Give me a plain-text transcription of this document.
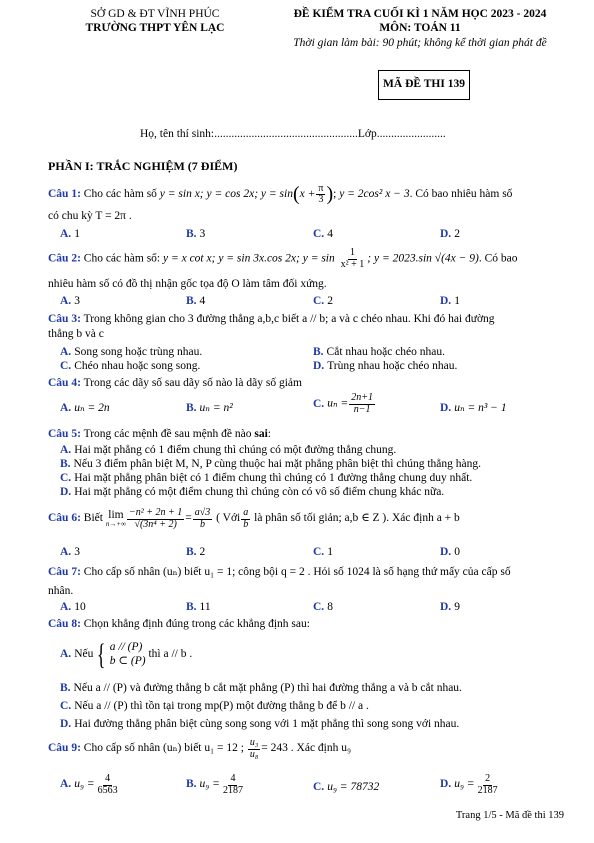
SỞ GD & ĐT VĨNH PHÚC
TRƯỜNG THPT YÊN LẠC
ĐỀ KIỂM TRA CUỐI KÌ 1 NĂM HỌC 2023 - 2024
MÔN: TOÁN 11
Thời gian làm bài: 90 phút; không kể thời gian phát đề
MÃ ĐỀ THI 139
Họ, tên thí sinh:..................................................Lớp........................
PHẦN I: TRẮC NGHIỆM (7 ĐIỂM)
Câu 1: Cho các hàm số y = sin x; y = cos 2x; $y = \sin(x + \frac{\pi}{3}$ ); y = 2cos² x − 3. Có bao nhiêu hàm số
có chu kỳ T = 2π .
A. 1	B. 3	C. 4	D. 2
Câu 2: Cho các hàm số: y = x cot x; y = sin 3x.cos 2x; $y = \sin \frac{1}{\text{x² + 1}}$ ; y = 2023.sin √(4x − 9). Có bao
nhiêu hàm số có đồ thị nhận gốc tọa độ O làm tâm đối xứng.
A. 3	B. 4	C. 2	D. 1
Câu 3: Trong không gian cho 3 đường thẳng a,b,c biết a // b; a và c chéo nhau. Khi đó hai đường
thẳng b và c
A. Song song hoặc trùng nhau.	B. Cắt nhau hoặc chéo nhau.
C. Chéo nhau hoặc song song.	D. Trùng nhau hoặc chéo nhau.
Câu 4: Trong các dãy số sau dãy số nào là dãy số giảm
A. uₙ = 2n	B. uₙ = n²	C. $u_n = \frac{2n+1}{n-1}$	D. uₙ = n³ − 1
Câu 5: Trong các mệnh đề sau mệnh đề nào sai:
A. Hai mặt phẳng có 1 điểm chung thì chúng có một đường thẳng chung.
B. Nếu 3 điểm phân biệt M, N, P cùng thuộc hai mặt phẳng phân biệt thì chúng thẳng hàng.
C. Hai mặt phẳng phân biệt có 1 điểm chung thì chúng có 1 đường thẳng chung duy nhất.
D. Hai mặt phẳng có một điểm chung thì chúng còn có vô số điểm chung khác nữa.
Câu 6:
Biết
lim
$n\to+\infty \frac{\text{−n² + 2n + 1}}{\text{√(3n⁴ + 2)}} = \frac{a√3}{b}$
( Với $\frac{a}{b}$
là phân số tối giản; a,b ∈ Z ). Xác định a + b
A. 3	B. 2	C. 1	D. 0
Câu 7: Cho cấp số nhân (uₙ) biết u₁ = 1; công bội q = 2 . Hỏi số 1024 là số hạng thứ mấy của cấp số
nhân.
A. 10	B. 11	C. 8	D. 9
Câu 8: Chọn khẳng định đúng trong các khẳng định sau:
A. Nếu { a // (P)
b ⊂ (P)

thì a // b .
B. Nếu a // (P) và đường thẳng b cắt mặt phẳng (P) thì hai đường thẳng a và b cắt nhau.
C. Nếu a // (P) thì tồn tại trong mp(P) một đường thẳng b để b // a .
D. Hai đường thẳng phân biệt cùng song song với 1 mặt phẳng thì song song với nhau.
Câu 9:
Cho cấp số nhân (uₙ) biết u₁ = 12 ;
$\frac{\text{u₃}}{\text{u₈}} = 243$ . Xác định u₉
A. $u_9 = \frac{4}{6563}$	B. $u_9 = \frac{4}{2187}$	C. u₉ = 78732	D. $u_9 = \frac{2}{2187}$
Trang 1/5 - Mã đề thi 139
